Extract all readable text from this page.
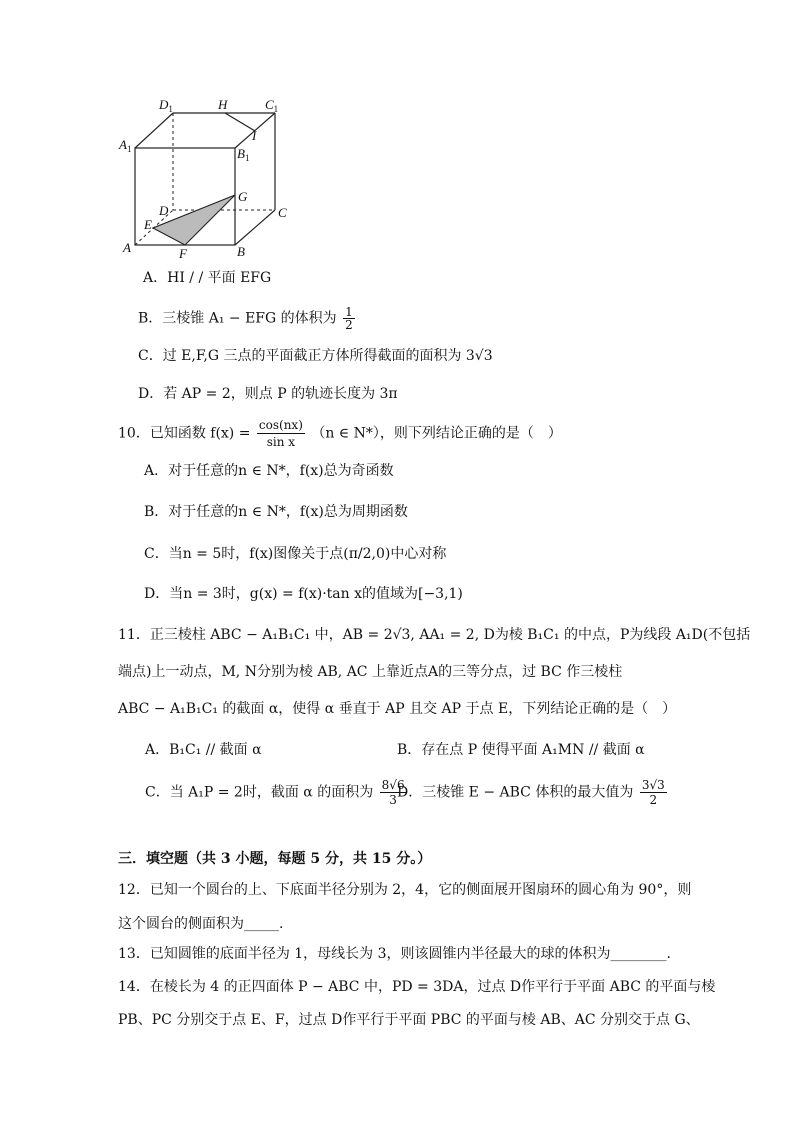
$D_1$	H	$C_1$
$A_1$
I
$B_1$
G
D	C
E
A	F	B
A．HI / / 平面 EFG
B．三棱锥 A₁ − EFG 的体积为 $\frac{1}{2}$
C．过 E,F,G 三点的平面截正方体所得截面的面积为 3√3
D．若 AP = 2，则点 P 的轨迹长度为 3π
10．已知函数 $f(x) = \frac{\cos(nx)}{\text{sin x}} (n$ ∈ N*），则下列结论正确的是（　）
A．对于任意的n ∈ N*，f(x)总为奇函数
B．对于任意的n ∈ N*，f(x)总为周期函数
C．当n = 5时，f(x)图像关于点(π/2,0)中心对称
D．当n = 3时，g(x) = f(x)·tan x的值域为[−3,1)
11．正三棱柱 ABC − A₁B₁C₁ 中，AB = 2√3, AA₁ = 2, D为棱 B₁C₁ 的中点，P为线段 A₁D(不包括
端点)上一动点，M, N分别为棱 AB, AC 上靠近点A的三等分点，过 BC 作三棱柱
ABC − A₁B₁C₁ 的截面 α，使得 α 垂直于 AP 且交 AP 于点 E，下列结论正确的是（　）
A．B₁C₁ // 截面 α	B．存在点 P 使得平面 A₁MN // 截面 α
C．当 A₁P = 2时，截面 α 的面积为 $\frac{8√6}{3}$
D．三棱锥 E − ABC 体积的最大值为 $\frac{3√3}{2}$
三．填空题（共 3 小题，每题 5 分，共 15 分。）
12．已知一个圆台的上、下底面半径分别为 2，4，它的侧面展开图扇环的圆心角为 90°，则
这个圆台的侧面积为_____.
13．已知圆锥的底面半径为 1，母线长为 3，则该圆锥内半径最大的球的体积为________.
14．在棱长为 4 的正四面体 P − ABC 中，PD = 3DA，过点 D作平行于平面 ABC 的平面与棱
PB、PC 分别交于点 E、F，过点 D作平行于平面 PBC 的平面与棱 AB、AC 分别交于点 G、
